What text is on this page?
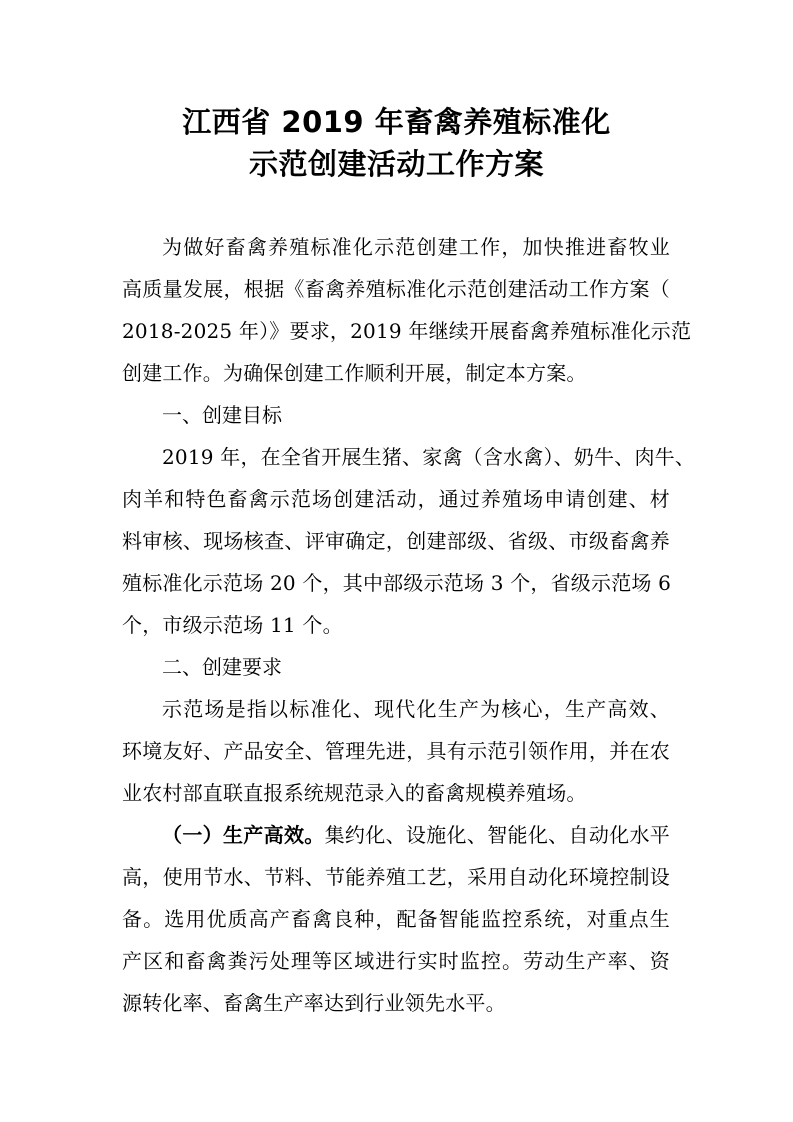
江西省 2019 年畜禽养殖标准化
示范创建活动工作方案
为做好畜禽养殖标准化示范创建工作，加快推进畜牧业
高质量发展，根据《畜禽养殖标准化示范创建活动工作方案（
2018-2025 年）》要求，2019 年继续开展畜禽养殖标准化示范
创建工作。为确保创建工作顺利开展，制定本方案。
一、创建目标
2019 年，在全省开展生猪、家禽（含水禽）、奶牛、肉牛、
肉羊和特色畜禽示范场创建活动，通过养殖场申请创建、材
料审核、现场核查、评审确定，创建部级、省级、市级畜禽养
殖标准化示范场 20 个，其中部级示范场 3 个，省级示范场 6
个，市级示范场 11 个。
二、创建要求
示范场是指以标准化、现代化生产为核心，生产高效、
环境友好、产品安全、管理先进，具有示范引领作用，并在农
业农村部直联直报系统规范录入的畜禽规模养殖场。
（一）生产高效。集约化、设施化、智能化、自动化水平
高，使用节水、节料、节能养殖工艺，采用自动化环境控制设
备。选用优质高产畜禽良种，配备智能监控系统，对重点生
产区和畜禽粪污处理等区域进行实时监控。劳动生产率、资
源转化率、畜禽生产率达到行业领先水平。
